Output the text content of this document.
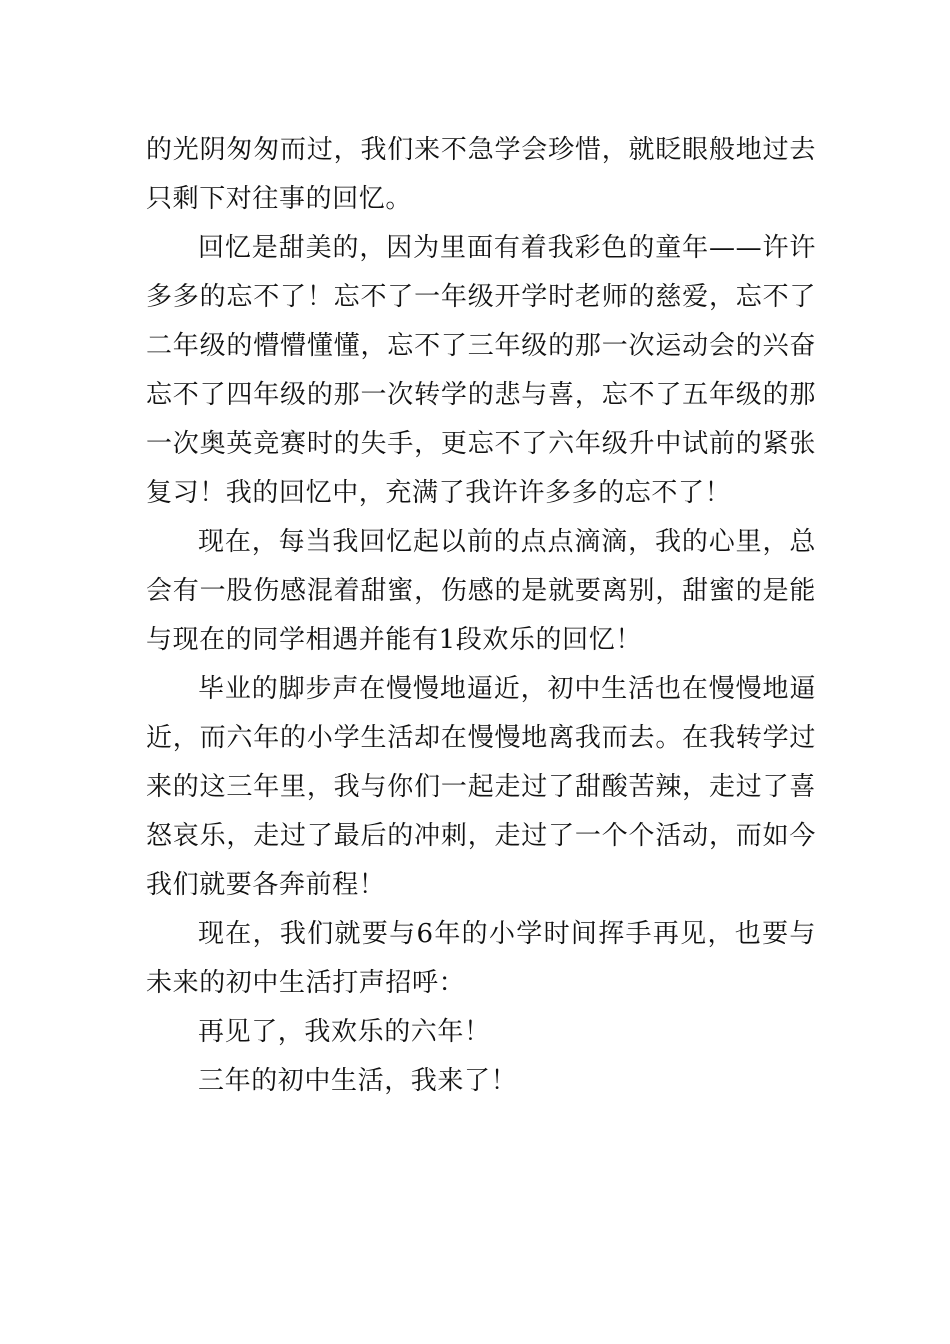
的光阴匆匆而过，我们来不急学会珍惜，就眨眼般地过去只剩下对往事的回忆。

回忆是甜美的，因为里面有着我彩色的童年——许许多多的忘不了！忘不了一年级开学时老师的慈爱，忘不了二年级的懵懵懂懂，忘不了三年级的那一次运动会的兴奋忘不了四年级的那一次转学的悲与喜，忘不了五年级的那一次奥英竞赛时的失手，更忘不了六年级升中试前的紧张复习！我的回忆中，充满了我许许多多的忘不了！

现在，每当我回忆起以前的点点滴滴，我的心里，总会有一股伤感混着甜蜜，伤感的是就要离别，甜蜜的是能与现在的同学相遇并能有1段欢乐的回忆！

毕业的脚步声在慢慢地逼近，初中生活也在慢慢地逼近，而六年的小学生活却在慢慢地离我而去。在我转学过来的这三年里，我与你们一起走过了甜酸苦辣，走过了喜怒哀乐，走过了最后的冲刺，走过了一个个活动，而如今我们就要各奔前程！

现在，我们就要与6年的小学时间挥手再见，也要与未来的初中生活打声招呼：

再见了，我欢乐的六年！

三年的初中生活，我来了！
